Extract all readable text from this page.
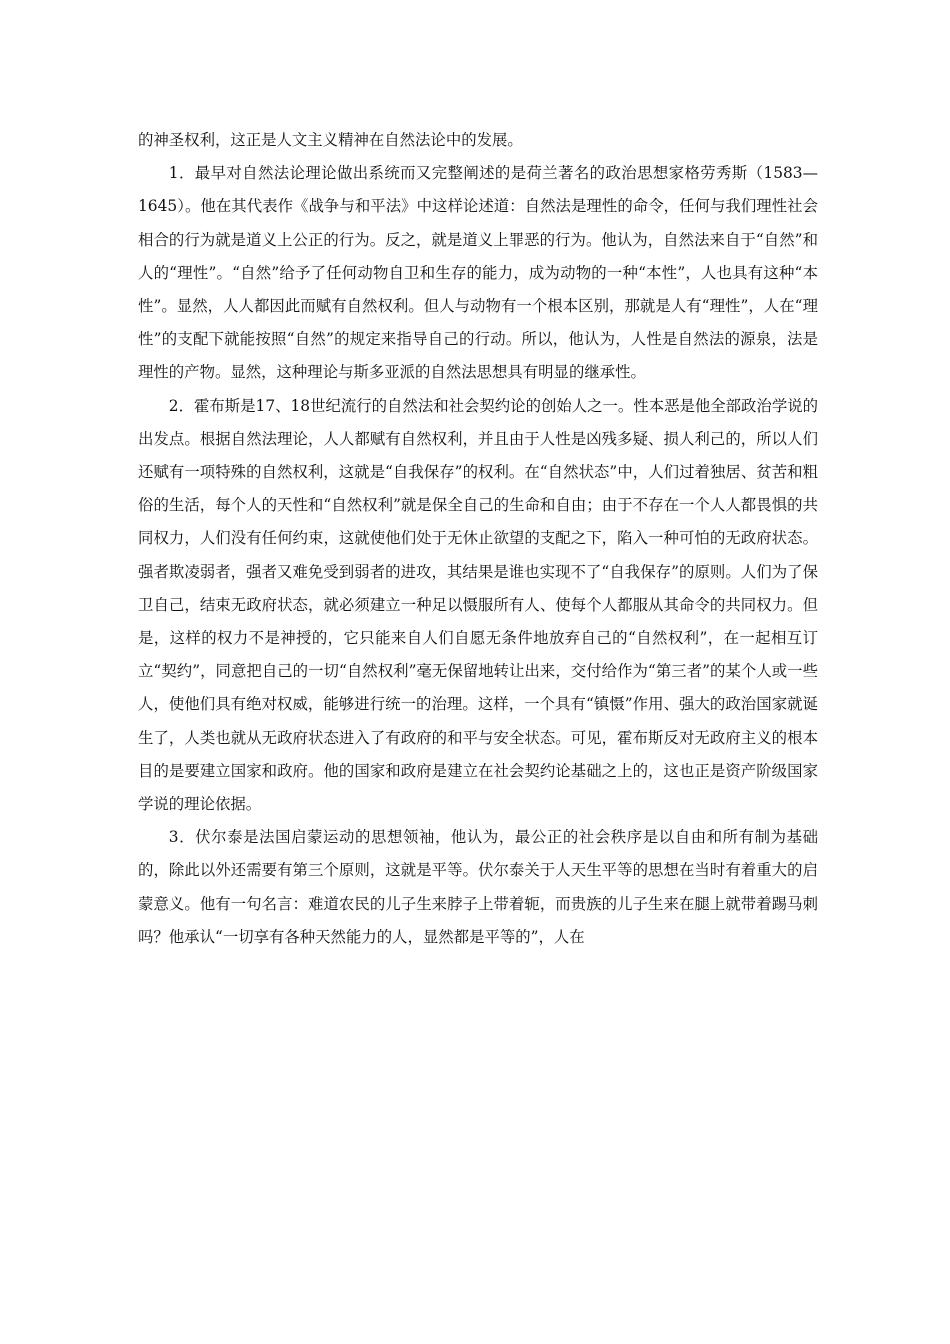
的神圣权利，这正是人文主义精神在自然法论中的发展。

1．最早对自然法论理论做出系统而又完整阐述的是荷兰著名的政治思想家格劳秀斯（1583—1645）。他在其代表作《战争与和平法》中这样论述道：自然法是理性的命令，任何与我们理性社会相合的行为就是道义上公正的行为。反之，就是道义上罪恶的行为。他认为，自然法来自于“自然”和人的“理性”。“自然”给予了任何动物自卫和生存的能力，成为动物的一种“本性”，人也具有这种“本性”。显然，人人都因此而赋有自然权利。但人与动物有一个根本区别，那就是人有“理性”，人在“理性”的支配下就能按照“自然”的规定来指导自己的行动。所以，他认为，人性是自然法的源泉，法是理性的产物。显然，这种理论与斯多亚派的自然法思想具有明显的继承性。

2．霍布斯是17、18世纪流行的自然法和社会契约论的创始人之一。性本恶是他全部政治学说的出发点。根据自然法理论，人人都赋有自然权利，并且由于人性是凶残多疑、损人利己的，所以人们还赋有一项特殊的自然权利，这就是“自我保存”的权利。在“自然状态”中，人们过着独居、贫苦和粗俗的生活，每个人的天性和“自然权利”就是保全自己的生命和自由；由于不存在一个人人都畏惧的共同权力，人们没有任何约束，这就使他们处于无休止欲望的支配之下，陷入一种可怕的无政府状态。强者欺凌弱者，强者又难免受到弱者的进攻，其结果是谁也实现不了“自我保存”的原则。人们为了保卫自己，结束无政府状态，就必须建立一种足以慑服所有人、使每个人都服从其命令的共同权力。但是，这样的权力不是神授的，它只能来自人们自愿无条件地放弃自己的“自然权利”，在一起相互订立“契约”，同意把自己的一切“自然权利”毫无保留地转让出来，交付给作为“第三者”的某个人或一些人，使他们具有绝对权威，能够进行统一的治理。这样，一个具有“镇慑”作用、强大的政治国家就诞生了，人类也就从无政府状态进入了有政府的和平与安全状态。可见，霍布斯反对无政府主义的根本目的是要建立国家和政府。他的国家和政府是建立在社会契约论基础之上的，这也正是资产阶级国家学说的理论依据。

3．伏尔泰是法国启蒙运动的思想领袖，他认为，最公正的社会秩序是以自由和所有制为基础的，除此以外还需要有第三个原则，这就是平等。伏尔泰关于人天生平等的思想在当时有着重大的启蒙意义。他有一句名言：难道农民的儿子生来脖子上带着轭，而贵族的儿子生来在腿上就带着踢马刺吗？他承认“一切享有各种天然能力的人，显然都是平等的”，人在
